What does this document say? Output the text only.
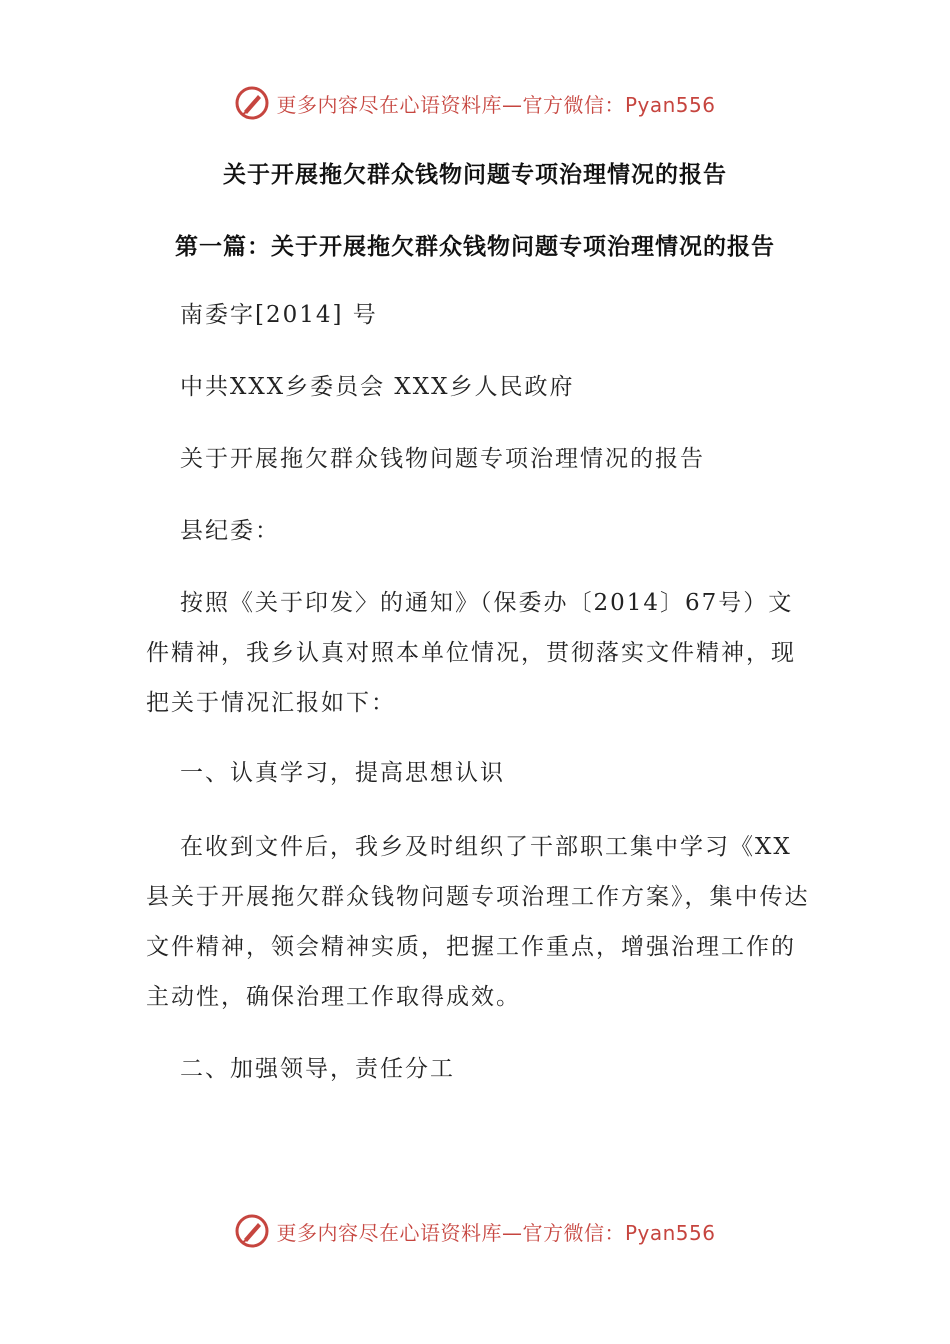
更多内容尽在心语资料库—官方微信：Pyan556
关于开展拖欠群众钱物问题专项治理情况的报告
第一篇：关于开展拖欠群众钱物问题专项治理情况的报告
南委字[2014] 号
中共XXX乡委员会 XXX乡人民政府
关于开展拖欠群众钱物问题专项治理情况的报告
县纪委：
按照《关于印发〉的通知》（保委办〔2014〕67号）文件精神，我乡认真对照本单位情况，贯彻落实文件精神，现把关于情况汇报如下：
一、认真学习，提高思想认识
在收到文件后，我乡及时组织了干部职工集中学习《XX县关于开展拖欠群众钱物问题专项治理工作方案》，集中传达文件精神，领会精神实质，把握工作重点，增强治理工作的主动性，确保治理工作取得成效。
二、加强领导，责任分工
更多内容尽在心语资料库—官方微信：Pyan556
